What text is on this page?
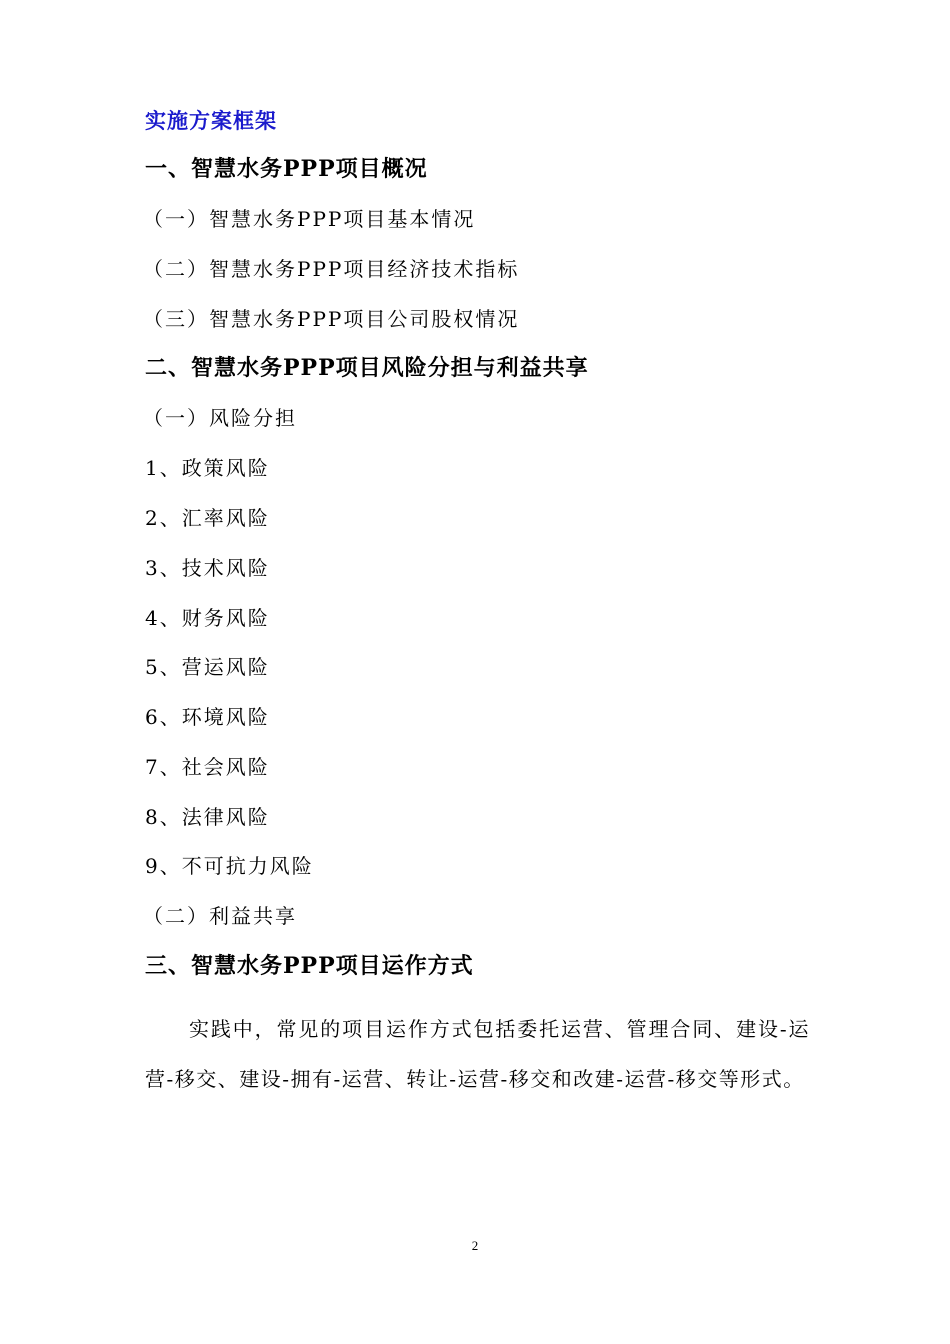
实施方案框架
一、智慧水务PPP项目概况
（一）智慧水务PPP项目基本情况
（二）智慧水务PPP项目经济技术指标
（三）智慧水务PPP项目公司股权情况
二、智慧水务PPP项目风险分担与利益共享
（一）风险分担
1、政策风险
2、汇率风险
3、技术风险
4、财务风险
5、营运风险
6、环境风险
7、社会风险
8、法律风险
9、不可抗力风险
（二）利益共享
三、智慧水务PPP项目运作方式
实践中，常见的项目运作方式包括委托运营、管理合同、建设-运营-移交、建设-拥有-运营、转让-运营-移交和改建-运营-移交等形式。
2
